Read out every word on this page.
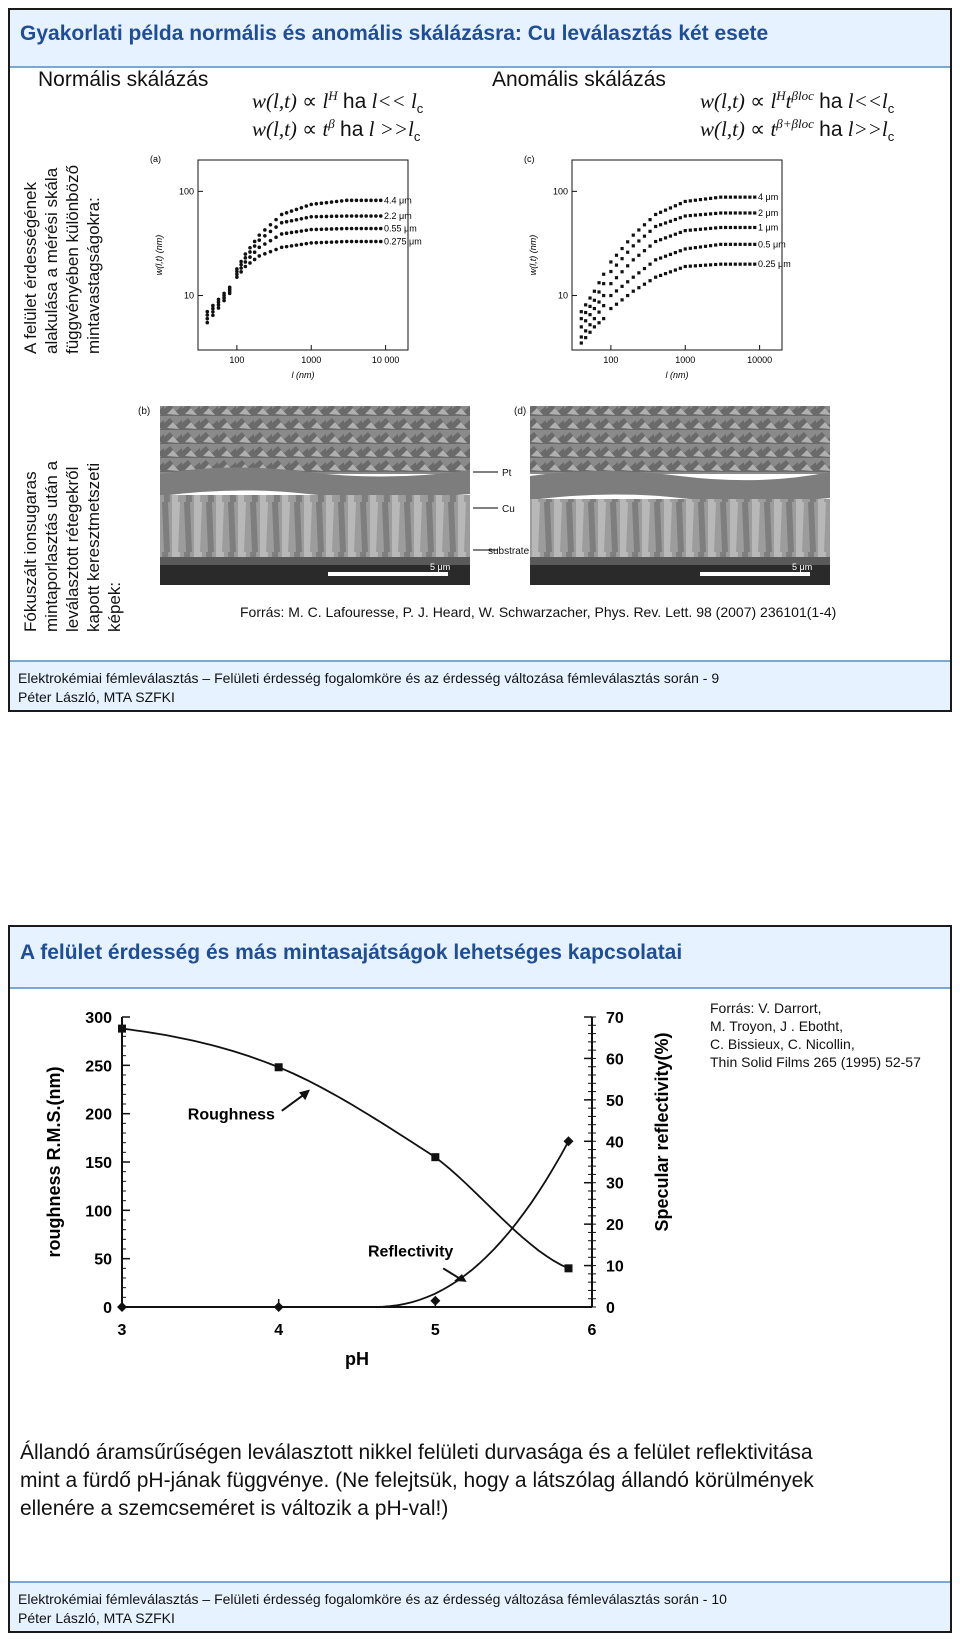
Gyakorlati példa normális és anomális skálázásra: Cu leválasztás két esete
Normális skálázás	Anomális skálázás
$w(l,t) \propto l^H$ ha $l<< l_c$
$w(l,t) \propto t^\beta$ ha $l >>l_c$
$w(l,t) \propto l^Ht^{\beta loc}$ ha $l<<l_c$
$w(l,t) \propto t^{\beta+\beta loc}$ ha $l>>l_c$
A felület érdességének alakulása a mérési skála függvényében különböző mintavastagságokra:
Fókuszált ionsugaras mintaporlasztás után a leválasztott rétegekről kapott keresztmetszeti képek:
(a)
100
10
100	1000	10 000
l (nm)
w(l,t) (nm)
4.4 μm
2.2 μm
0.55 μm
0.275 μm
(c)
100
10
100	1000	10000
l (nm)
w(l,t) (nm)
4 μm
2 μm
1 μm
0.5 μm
0.25 μm
(b)
5 μm
Pt
Cu
substrate
(d)
5 μm
Forrás: M. C. Lafouresse, P. J. Heard, W. Schwarzacher, Phys. Rev. Lett. 98 (2007) 236101(1-4)
Elektrokémiai fémleválasztás – Felületi érdesség fogalomköre és az érdesség változása fémleválasztás során - 9
Péter László, MTA SZFKI
A felület érdesség és más mintasajátságok lehetséges kapcsolatai
0
50
100
150
200
250
300
0
10
20
30
40
50
60
70
3	4	5	6
pH
roughness R.M.S.(nm)	Specular reflectivity(%)
Roughness
Reflectivity
Forrás: V. Darrort,
M. Troyon, J . Ebotht,
C. Bissieux, C. Nicollin,
Thin Solid Films 265 (1995) 52-57
Állandó áramsűrűségen leválasztott nikkel felületi durvasága és a felület reflektivitása
mint a fürdő pH-jának függvénye. (Ne felejtsük, hogy a látszólag állandó körülmények
ellenére a szemcseméret is változik a pH-val!)
Elektrokémiai fémleválasztás – Felületi érdesség fogalomköre és az érdesség változása fémleválasztás során - 10
Péter László, MTA SZFKI
